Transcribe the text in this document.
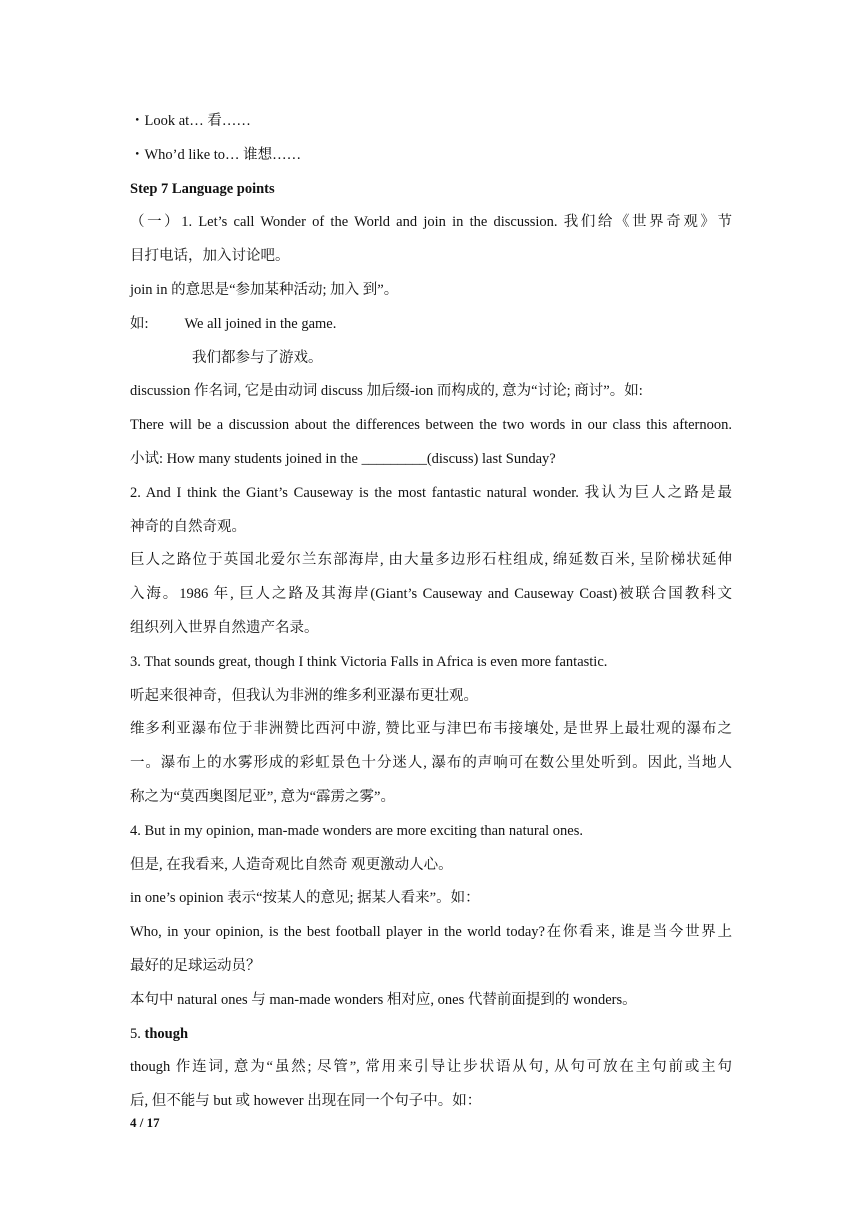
・Look at… 看……
・Who’d like to… 谁想……
Step 7 Language points
（一）1. Let’s call Wonder of the World and join in the discussion. 我们给《世界奇观》节
目打电话，加入讨论吧。
join in 的意思是“参加某种活动; 加入 到”。
如: We all joined in the game.
我们都参与了游戏。
discussion 作名词, 它是由动词 discuss 加后缀-ion 而构成的, 意为“讨论; 商讨”。如:
There will be a discussion about the differences between the two words in our class this afternoon.
小试: How many students joined in the _________(discuss) last Sunday?
2. And I think the Giant’s Causeway is the most fantastic natural wonder. 我认为巨人之路是最
神奇的自然奇观。
巨人之路位于英国北爱尔兰东部海岸, 由大量多边形石柱组成, 绵延数百米, 呈阶梯状延伸
入海。1986 年, 巨人之路及其海岸(Giant’s Causeway and Causeway Coast)被联合国教科文
组织列入世界自然遗产名录。
3. That sounds great, though I think Victoria Falls in Africa is even more fantastic.
听起来很神奇，但我认为非洲的维多利亚瀑布更壮观。
维多利亚瀑布位于非洲赞比西河中游, 赞比亚与津巴布韦接壤处, 是世界上最壮观的瀑布之
一。瀑布上的水雾形成的彩虹景色十分迷人, 瀑布的声响可在数公里处听到。因此, 当地人
称之为“莫西奥图尼亚”, 意为“霹雳之雾”。
4. But in my opinion, man-made wonders are more exciting than natural ones.
但是, 在我看来, 人造奇观比自然奇 观更激动人心。
in one’s opinion 表示“按某人的意见; 据某人看来”。如：
Who, in your opinion, is the best football player in the world today?在你看来, 谁是当今世界上
最好的足球运动员？
本句中 natural ones 与 man-made wonders 相对应, ones 代替前面提到的 wonders。
5. though
though 作连词, 意为“虽然; 尽管”, 常用来引导让步状语从句, 从句可放在主句前或主句
后, 但不能与 but 或 however 出现在同一个句子中。如：
4 / 17
